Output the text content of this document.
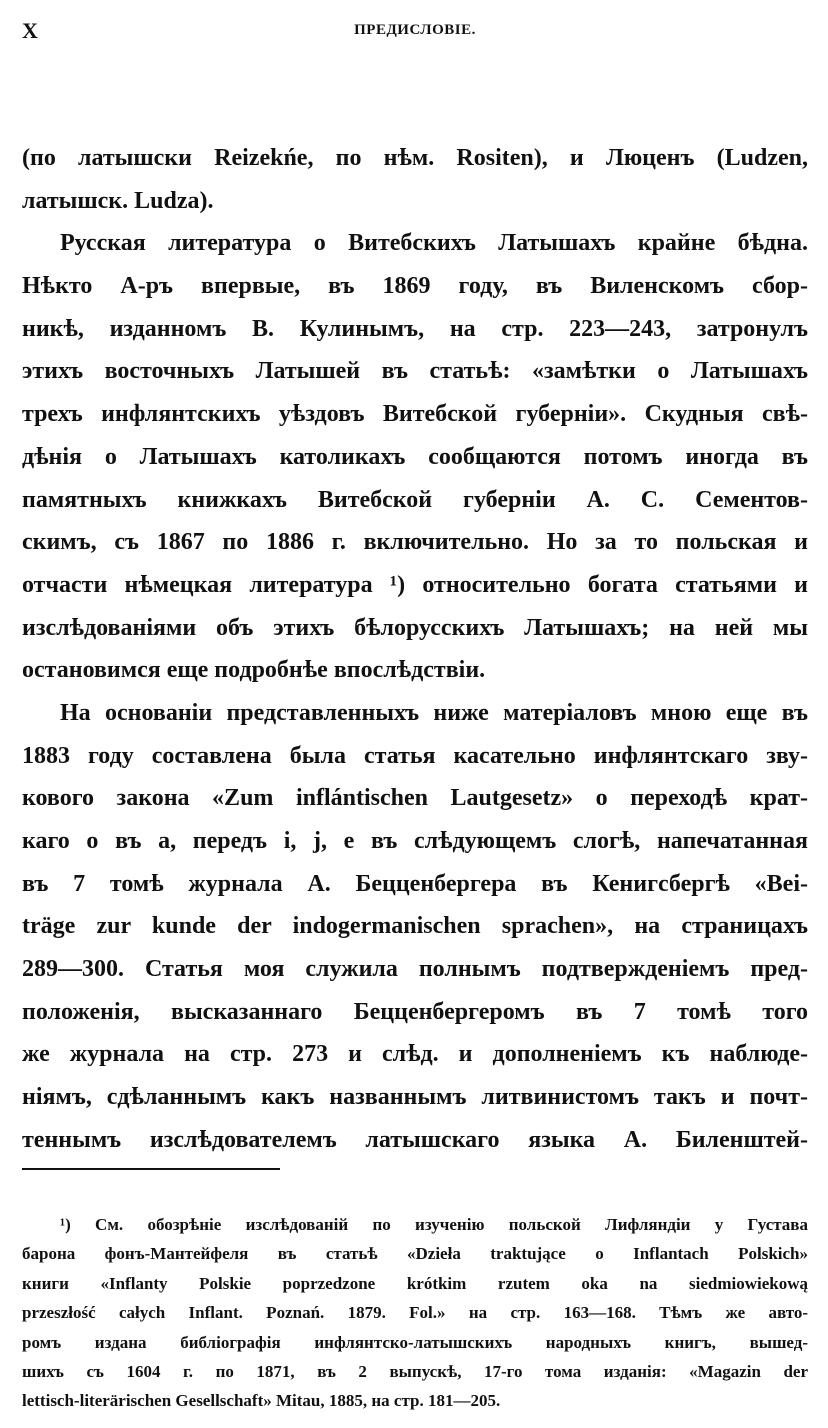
X	ПРЕДИСЛОВІЕ.
(по латышски Reizekńe, по нѣм. Rositen), и Люценъ (Ludzen,
латышск. Ludza).
Русская литература о Витебскихъ Латышахъ крайне бѣдна.
Нѣкто А-ръ впервые, въ 1869 году, въ Виленскомъ сбор-
никѣ, изданномъ В. Кулинымъ, на стр. 223—243, затронулъ
этихъ восточныхъ Латышей въ статьѣ: «замѣтки о Латышахъ
трехъ инфлянтскихъ уѣздовъ Витебской губерніи». Скудныя свѣ-
дѣнія о Латышахъ католикахъ сообщаются потомъ иногда въ
памятныхъ книжкахъ Витебской губерніи А. С. Сементов-
скимъ, съ 1867 по 1886 г. включительно. Но за то польская и
отчасти нѣмецкая литература ¹) относительно богата статьями и
изслѣдованіями объ этихъ бѣлорусскихъ Латышахъ; на ней мы
остановимся еще подробнѣе впослѣдствіи.
На основаніи представленныхъ ниже матеріаловъ мною еще въ
1883 году составлена была статья касательно инфлянтскаго зву-
кового закона «Zum inflántischen Lautgesetz» о переходѣ крат-
каго о въ а, передъ i, j, e въ слѣдующемъ слогѣ, напечатанная
въ 7 томѣ журнала А. Бецценбергера въ Кенигсбергѣ «Bei-
träge zur kunde der indogermanischen sprachen», на страницахъ
289—300. Статья моя служила полнымъ подтвержденіемъ пред-
положенія, высказаннаго Бецценбергеромъ въ 7 томѣ того
же журнала на стр. 273 и слѣд. и дополненіемъ къ наблюде-
ніямъ, сдѣланнымъ какъ названнымъ литвинистомъ такъ и почт-
теннымъ изслѣдователемъ латышскаго языка А. Биленштей-
¹) См. обозрѣніе изслѣдованій по изученію польской Лифляндіи у Густава
барона фонъ-Мантейфеля въ статьѣ «Dzieła traktujące o Inflantach Polskich»
книги «Inflanty Polskie poprzedzone krótkim rzutem oka na siedmiowiekową
przeszłość całych Inflant. Poznań. 1879. Fol.» на стр. 163—168. Тѣмъ же авто-
ромъ издана библіографія инфлянтско-латышскихъ народныхъ книгъ, вышед-
шихъ съ 1604 г. по 1871, въ 2 выпускѣ, 17-го тома изданія: «Magazin der
lettisch-literärischen Gesellschaft» Mitau, 1885, на стр. 181—205.
